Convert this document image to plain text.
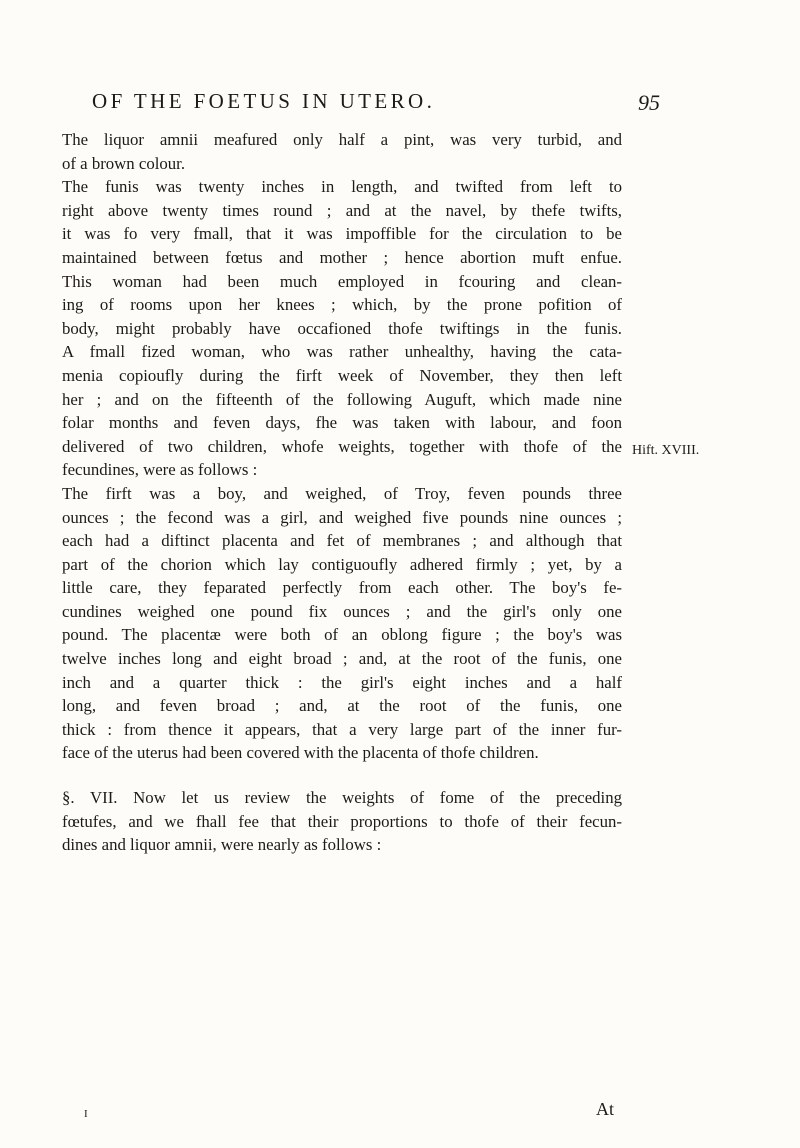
OF THE FOETUS IN UTERO.	95
The liquor amnii meafured only half a pint, was very turbid, and
of a brown colour.
The funis was twenty inches in length, and twifted from left to
right above twenty times round ; and at the navel, by thefe twifts,
it was fo very fmall, that it was impoffible for the circulation to be
maintained between fœtus and mother ; hence abortion muft enfue.
This woman had been much employed in fcouring and clean-
ing of rooms upon her knees ; which, by the prone pofition of
body, might probably have occafioned thofe twiftings in the funis.
A fmall fized woman, who was rather unhealthy, having the cata-
menia copioufly during the firft week of November, they then left
her ; and on the fifteenth of the following Auguft, which made nine
folar months and feven days, fhe was taken with labour, and foon
delivered of two children, whofe weights, together with thofe of the
fecundines, were as follows :
The firft was a boy, and weighed, of Troy, feven pounds three
ounces ; the fecond was a girl, and weighed five pounds nine ounces ;
each had a diftinct placenta and fet of membranes ; and although that
part of the chorion which lay contiguoufly adhered firmly ; yet, by a
little care, they feparated perfectly from each other. The boy's fe-
cundines weighed one pound fix ounces ; and the girl's only one
pound. The placentæ were both of an oblong figure ; the boy's was
twelve inches long and eight broad ; and, at the root of the funis, one
inch and a quarter thick : the girl's eight inches and a half
long, and feven broad ; and, at the root of the funis, one
thick : from thence it appears, that a very large part of the inner fur-
face of the uterus had been covered with the placenta of thofe children.
§. VII. Now let us review the weights of fome of the preceding
fœtufes, and we fhall fee that their proportions to thofe of their fecun-
dines and liquor amnii, were nearly as follows :
Hift. XVIII.
I	At
